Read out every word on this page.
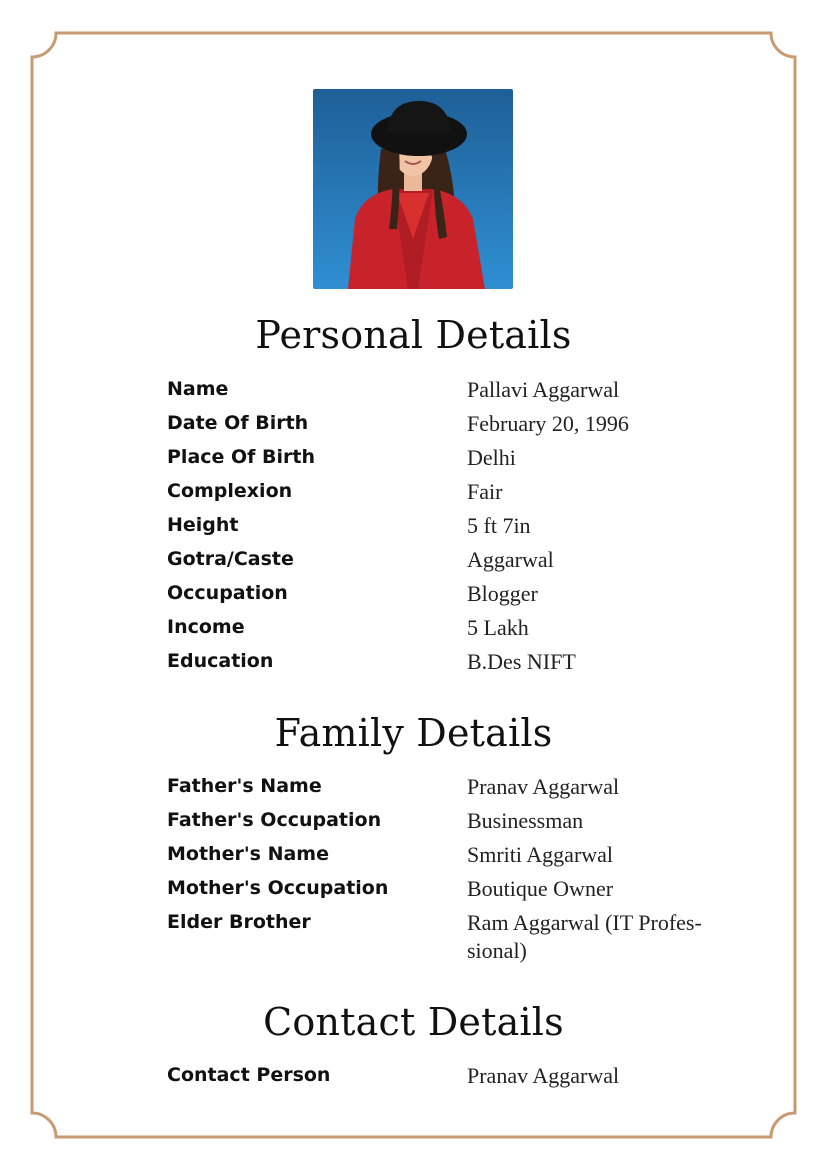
Personal Details
Name	Pallavi Aggarwal
Date Of Birth	February 20, 1996
Place Of Birth	Delhi
Complexion	Fair
Height	5 ft 7in
Gotra/Caste	Aggarwal
Occupation	Blogger
Income	5 Lakh
Education	B.Des NIFT
Family Details
Father's Name	Pranav Aggarwal
Father's Occupation	Businessman
Mother's Name	Smriti Aggarwal
Mother's Occupation	Boutique Owner
Elder Brother	Ram Aggarwal (IT Profes-sional)
Contact Details
Contact Person	Pranav Aggarwal
